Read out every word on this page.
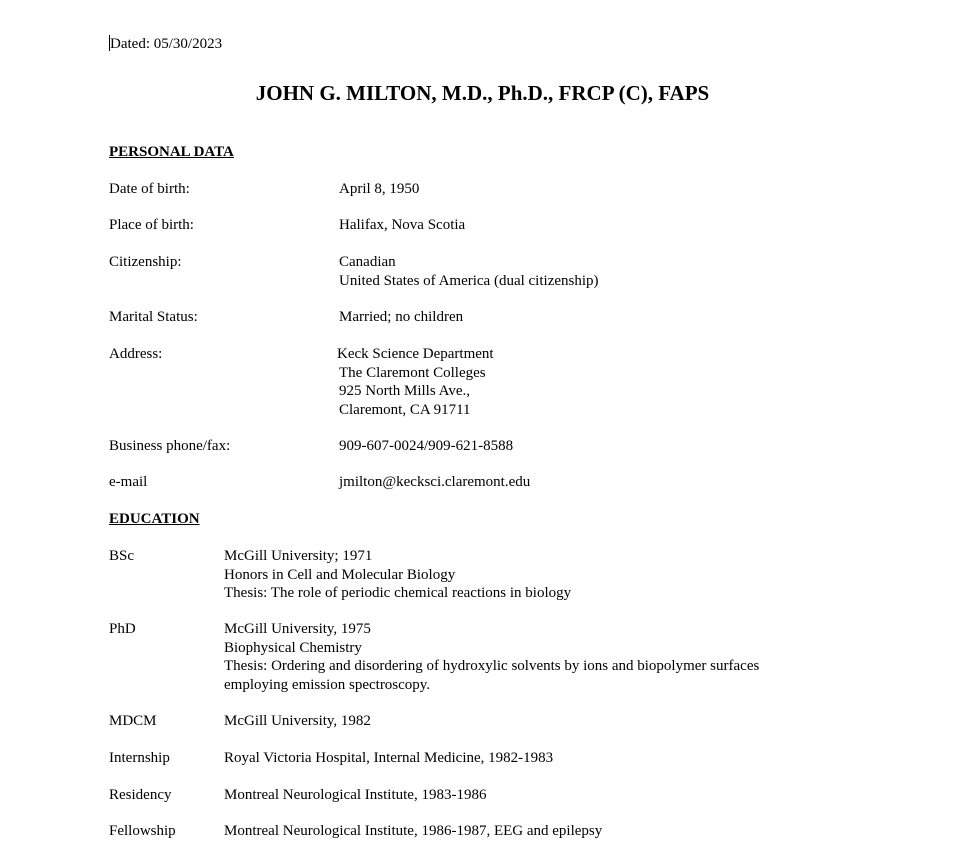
Dated: 05/30/2023
JOHN G. MILTON, M.D., Ph.D., FRCP (C), FAPS
PERSONAL DATA
Date of birth:	April 8, 1950
Place of birth:	Halifax, Nova Scotia
Citizenship:	Canadian
United States of America (dual citizenship)
Marital Status:	Married; no children
Address:	Keck Science Department
The Claremont Colleges
925 North Mills Ave.,
Claremont, CA 91711
Business phone/fax:	909-607-0024/909-621-8588
e-mail	jmilton@kecksci.claremont.edu
EDUCATION
BSc	McGill University; 1971
Honors in Cell and Molecular Biology
Thesis: The role of periodic chemical reactions in biology
PhD	McGill University, 1975
Biophysical Chemistry
Thesis: Ordering and disordering of hydroxylic solvents by ions and biopolymer surfaces
employing emission spectroscopy.
MDCM	McGill University, 1982
Internship	Royal Victoria Hospital, Internal Medicine, 1982-1983
Residency	Montreal Neurological Institute, 1983-1986
Fellowship	Montreal Neurological Institute, 1986-1987, EEG and epilepsy
